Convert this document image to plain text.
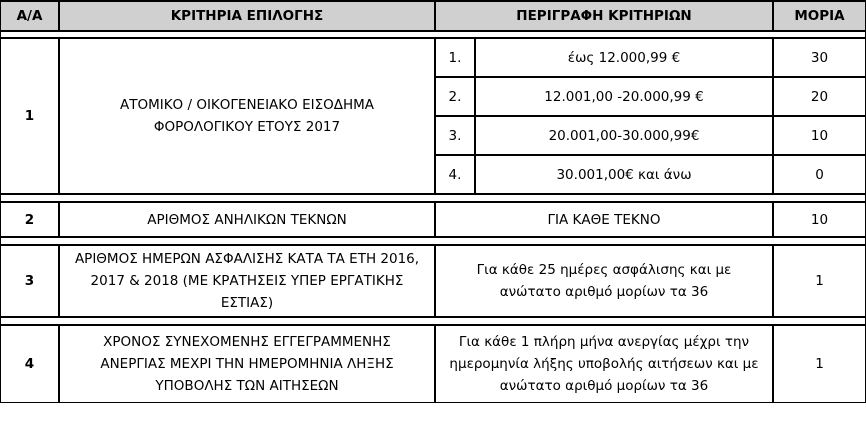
Α/Α	ΚΡΙΤΗΡΙΑ ΕΠΙΛΟΓΗΣ	ΠΕΡΙΓΡΑΦΗ ΚΡΙΤΗΡΙΩΝ		ΜΟΡΙΑ

1	ΑΤΟΜΙΚΟ / ΟΙΚΟΓΕΝΕΙΑΚΟ ΕΙΣΟΔΗΜΑ ΦΟΡΟΛΟΓΙΚΟΥ ΕΤΟΥΣ 2017	1.	έως 12.000,99 €	30
		2.	12.001,00 -20.000,99 €	20
		3.	20.001,00-30.000,99€	10
		4.	30.001,00€ και άνω	0

2	ΑΡΙΘΜΟΣ ΑΝΗΛΙΚΩΝ ΤΕΚΝΩΝ	ΓΙΑ ΚΑΘΕ ΤΕΚΝΟ		10

3	ΑΡΙΘΜΟΣ ΗΜΕΡΩΝ ΑΣΦΑΛΙΣΗΣ ΚΑΤΑ ΤΑ ΕΤΗ 2016, 2017 & 2018 (ΜΕ ΚΡΑΤΗΣΕΙΣ ΥΠΕΡ ΕΡΓΑΤΙΚΗΣ ΕΣΤΙΑΣ)	Για κάθε 25 ημέρες ασφάλισης και με ανώτατο αριθμό μορίων τα 36		1

4	ΧΡΟΝΟΣ ΣΥΝΕΧΟΜΕΝΗΣ ΕΓΓΕΓΡΑΜΜΕΝΗΣ ΑΝΕΡΓΙΑΣ ΜΕΧΡΙ ΤΗΝ ΗΜΕΡΟΜΗΝΙΑ ΛΗΞΗΣ ΥΠΟΒΟΛΗΣ ΤΩΝ ΑΙΤΗΣΕΩΝ	Για κάθε 1 πλήρη μήνα ανεργίας μέχρι την ημερομηνία λήξης υποβολής αιτήσεων και με ανώτατο αριθμό μορίων τα 36		1
